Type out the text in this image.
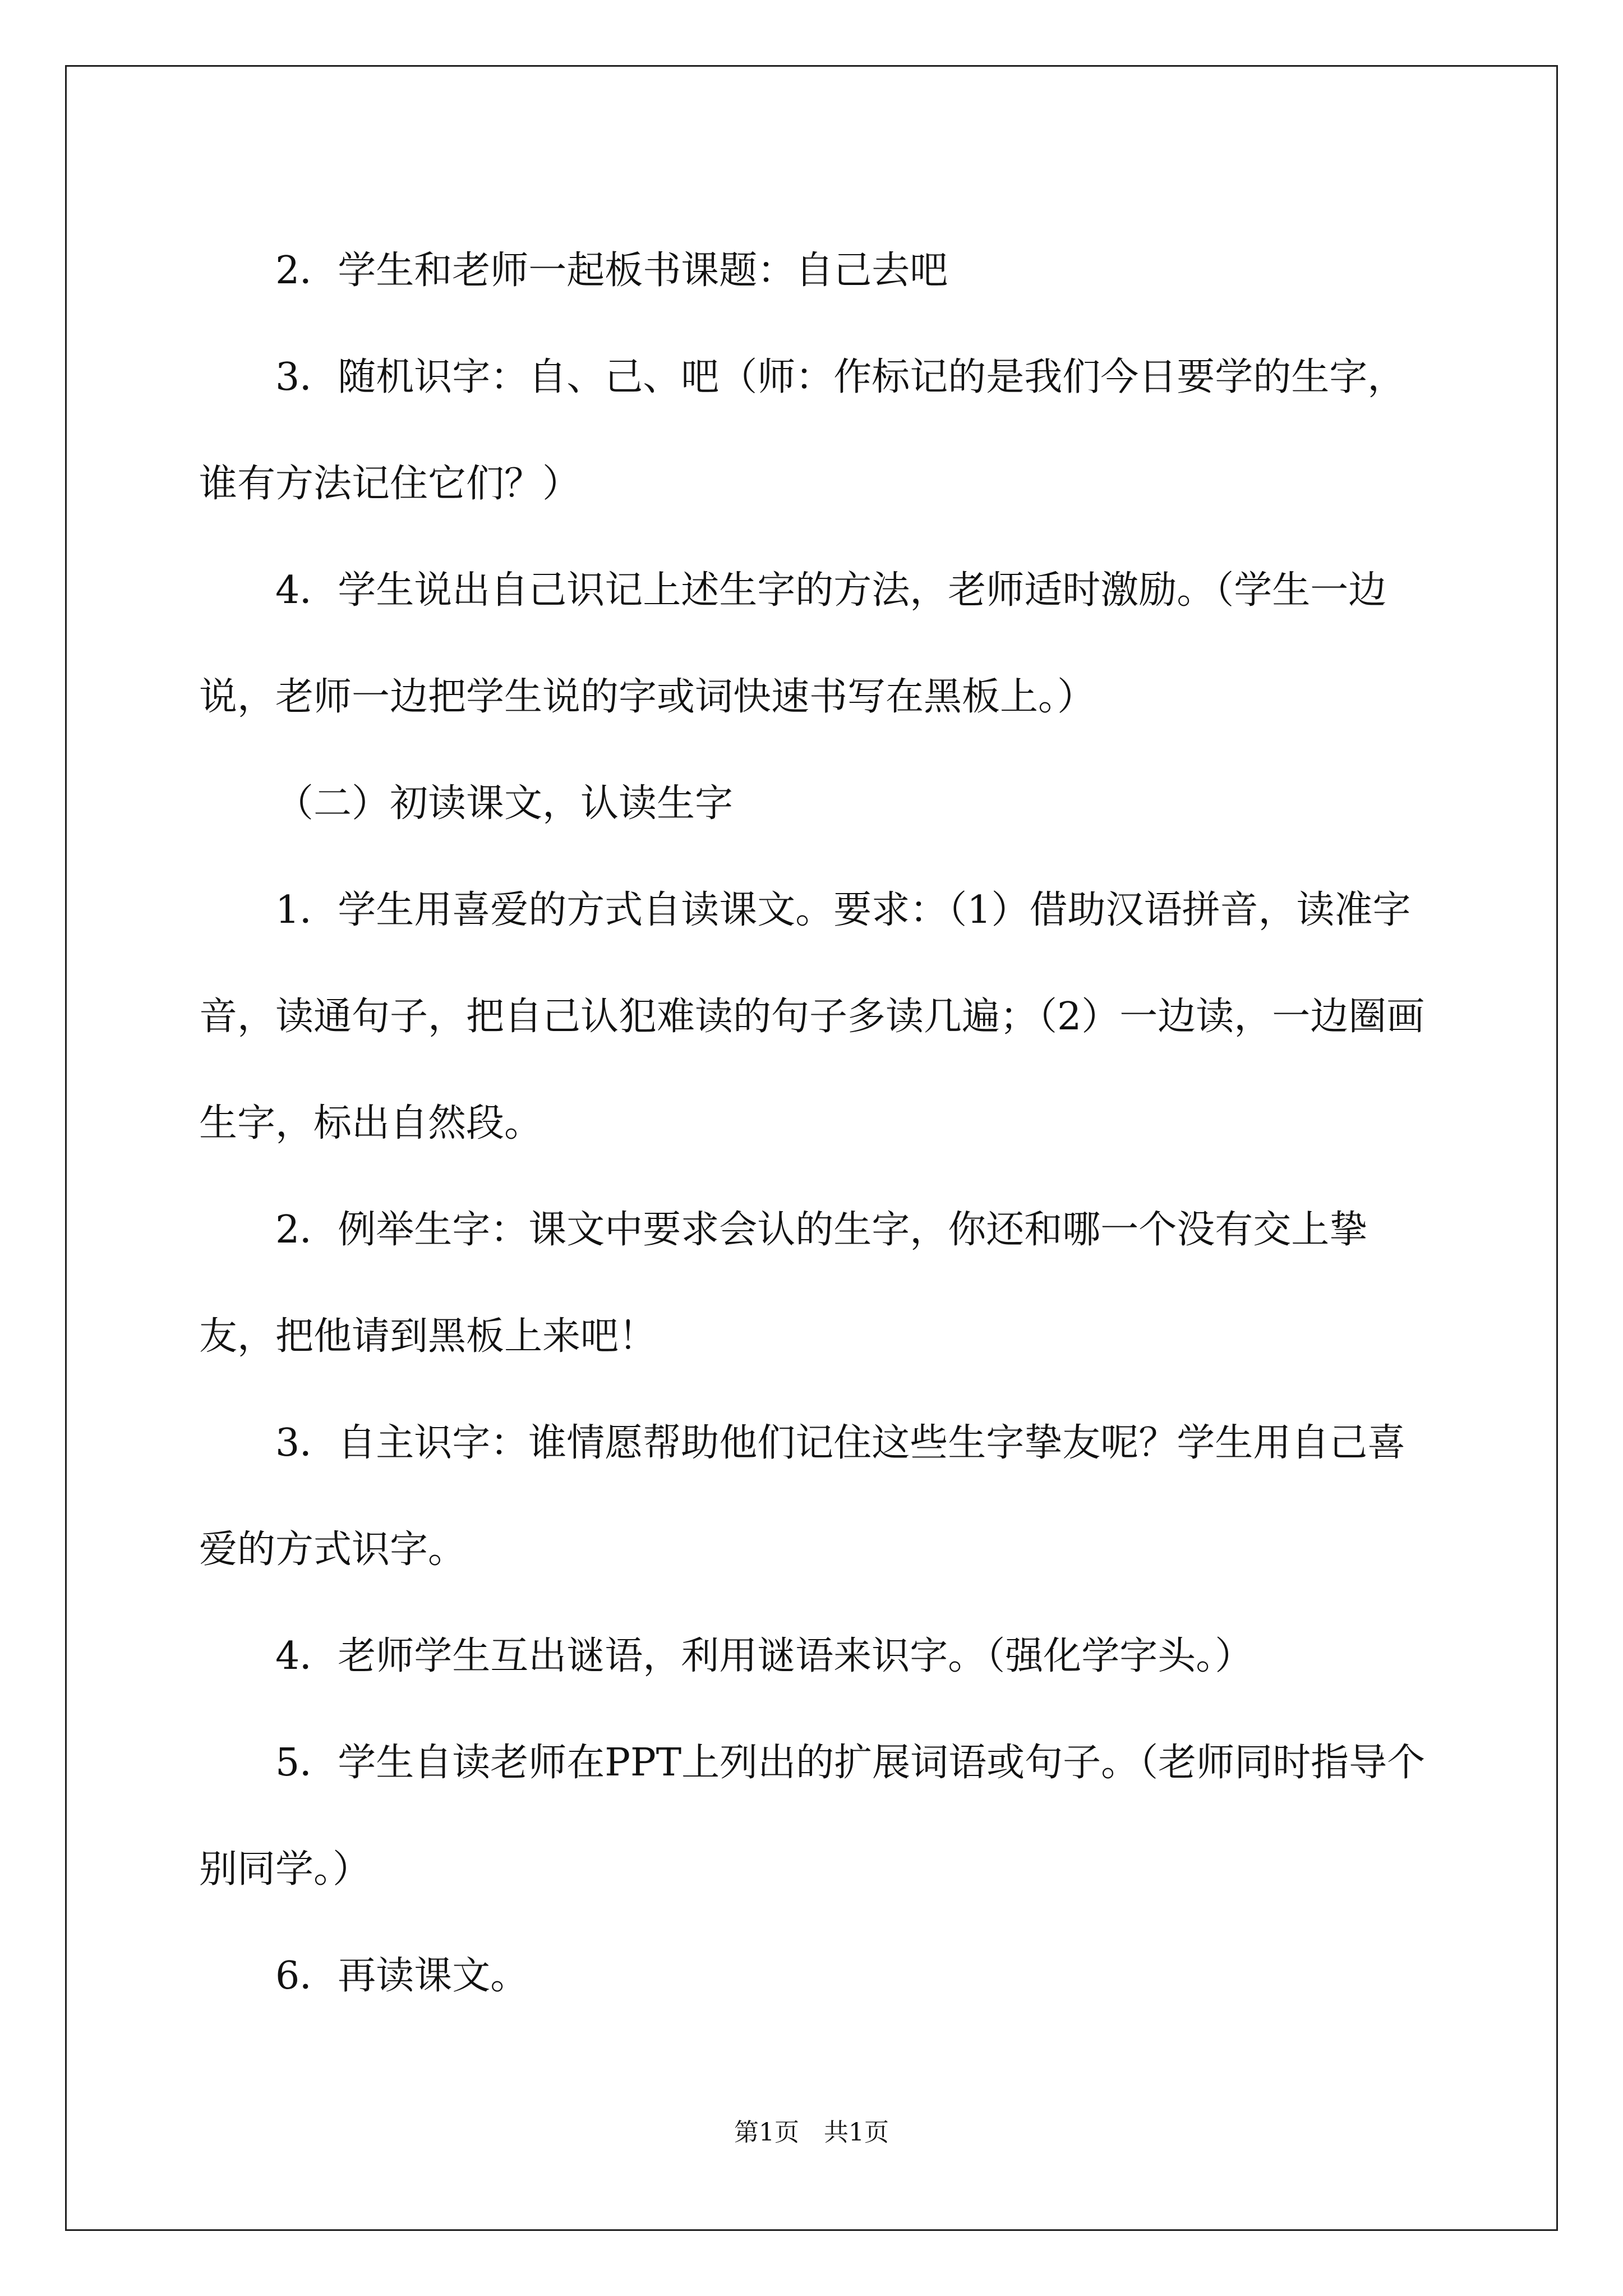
2．学生和老师一起板书课题：自己去吧

3．随机识字：自、己、吧（师：作标记的是我们今日要学的生字，谁有方法记住它们？）

4．学生说出自己识记上述生字的方法，老师适时激励。（学生一边说，老师一边把学生说的字或词快速书写在黑板上。）

（二）初读课文，认读生字

1．学生用喜爱的方式自读课文。要求：（1）借助汉语拼音，读准字音，读通句子，把自己认犯难读的句子多读几遍；（2）一边读，一边圈画生字，标出自然段。

2．例举生字：课文中要求会认的生字，你还和哪一个没有交上挚友，把他请到黑板上来吧！

3．自主识字：谁情愿帮助他们记住这些生字挚友呢？学生用自己喜爱的方式识字。

4．老师学生互出谜语，利用谜语来识字。（强化学字头。）

5．学生自读老师在PPT上列出的扩展词语或句子。（老师同时指导个别同学。）

6．再读课文。

第1页　共1页
